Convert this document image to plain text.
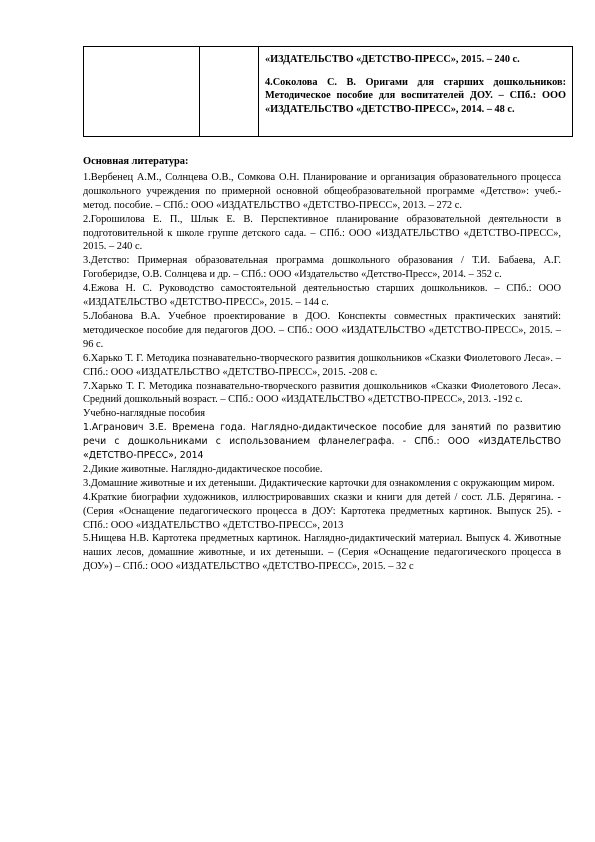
«ИЗДАТЕЛЬСТВО «ДЕТСТВО-ПРЕСС», 2015. – 240 с.

4.Соколова С. В. Оригами для старших дошкольников: Методическое пособие для воспитателей ДОУ. – СПб.: ООО «ИЗДАТЕЛЬСТВО «ДЕТСТВО-ПРЕСС», 2014. – 48 с.

Основная литература:

1.Вербенец А.М., Солнцева О.В., Сомкова О.Н. Планирование и организация образовательного процесса дошкольного учреждения по примерной основной общеобразовательной программе «Детство»: учеб.-метод. пособие. – СПб.: ООО «ИЗДАТЕЛЬСТВО «ДЕТСТВО-ПРЕСС», 2013. – 272 с.

2.Горошилова Е. П., Шлык Е. В. Перспективное планирование образовательной деятельности в подготовительной к школе группе детского сада. – СПб.: ООО «ИЗДАТЕЛЬСТВО «ДЕТСТВО-ПРЕСС», 2015. – 240 с.

3.Детство: Примерная образовательная программа дошкольного образования / Т.И. Бабаева, А.Г. Гогоберидзе, О.В. Солнцева и др. – СПб.: ООО «Издательство «Детство-Пресс», 2014. – 352 с.

4.Ежова Н. С. Руководство самостоятельной деятельностью старших дошкольников. – СПб.: ООО «ИЗДАТЕЛЬСТВО «ДЕТСТВО-ПРЕСС», 2015. – 144 с.

5.Лобанова В.А. Учебное проектирование в ДОО. Конспекты совместных практических занятий: методическое пособие для педагогов ДОО. – СПб.: ООО «ИЗДАТЕЛЬСТВО «ДЕТСТВО-ПРЕСС», 2015. – 96 с.

6.Харько Т. Г. Методика познавательно-творческого развития дошкольников «Сказки Фиолетового Леса». – СПб.: ООО «ИЗДАТЕЛЬСТВО «ДЕТСТВО-ПРЕСС», 2015. -208 с.

7.Харько Т. Г. Методика познавательно-творческого развития дошкольников «Сказки Фиолетового Леса». Средний дошкольный возраст. – СПб.: ООО «ИЗДАТЕЛЬСТВО «ДЕТСТВО-ПРЕСС», 2013. -192 с.

Учебно-наглядные пособия

1.Агранович З.Е. Времена года. Наглядно-дидактическое пособие для занятий по развитию речи с дошкольниками с использованием фланелеграфа. - СПб.: ООО «ИЗДАТЕЛЬСТВО «ДЕТСТВО-ПРЕСС», 2014

2.Дикие животные. Наглядно-дидактическое пособие.

3.Домашние животные и их детеныши. Дидактические карточки для ознакомления с окружающим миром.

4.Краткие биографии художников, иллюстрировавших сказки и книги для детей / сост. Л.Б. Дерягина. - (Серия «Оснащение педагогического процесса в ДОУ: Картотека предметных картинок. Выпуск 25). - СПб.: ООО «ИЗДАТЕЛЬСТВО «ДЕТСТВО-ПРЕСС», 2013

5.Нищева Н.В. Картотека предметных картинок. Наглядно-дидактический материал. Выпуск 4. Животные наших лесов, домашние животные, и их детеныши. – (Серия «Оснащение педагогического процесса в ДОУ») – СПб.: ООО «ИЗДАТЕЛЬСТВО «ДЕТСТВО-ПРЕСС», 2015. – 32 с
